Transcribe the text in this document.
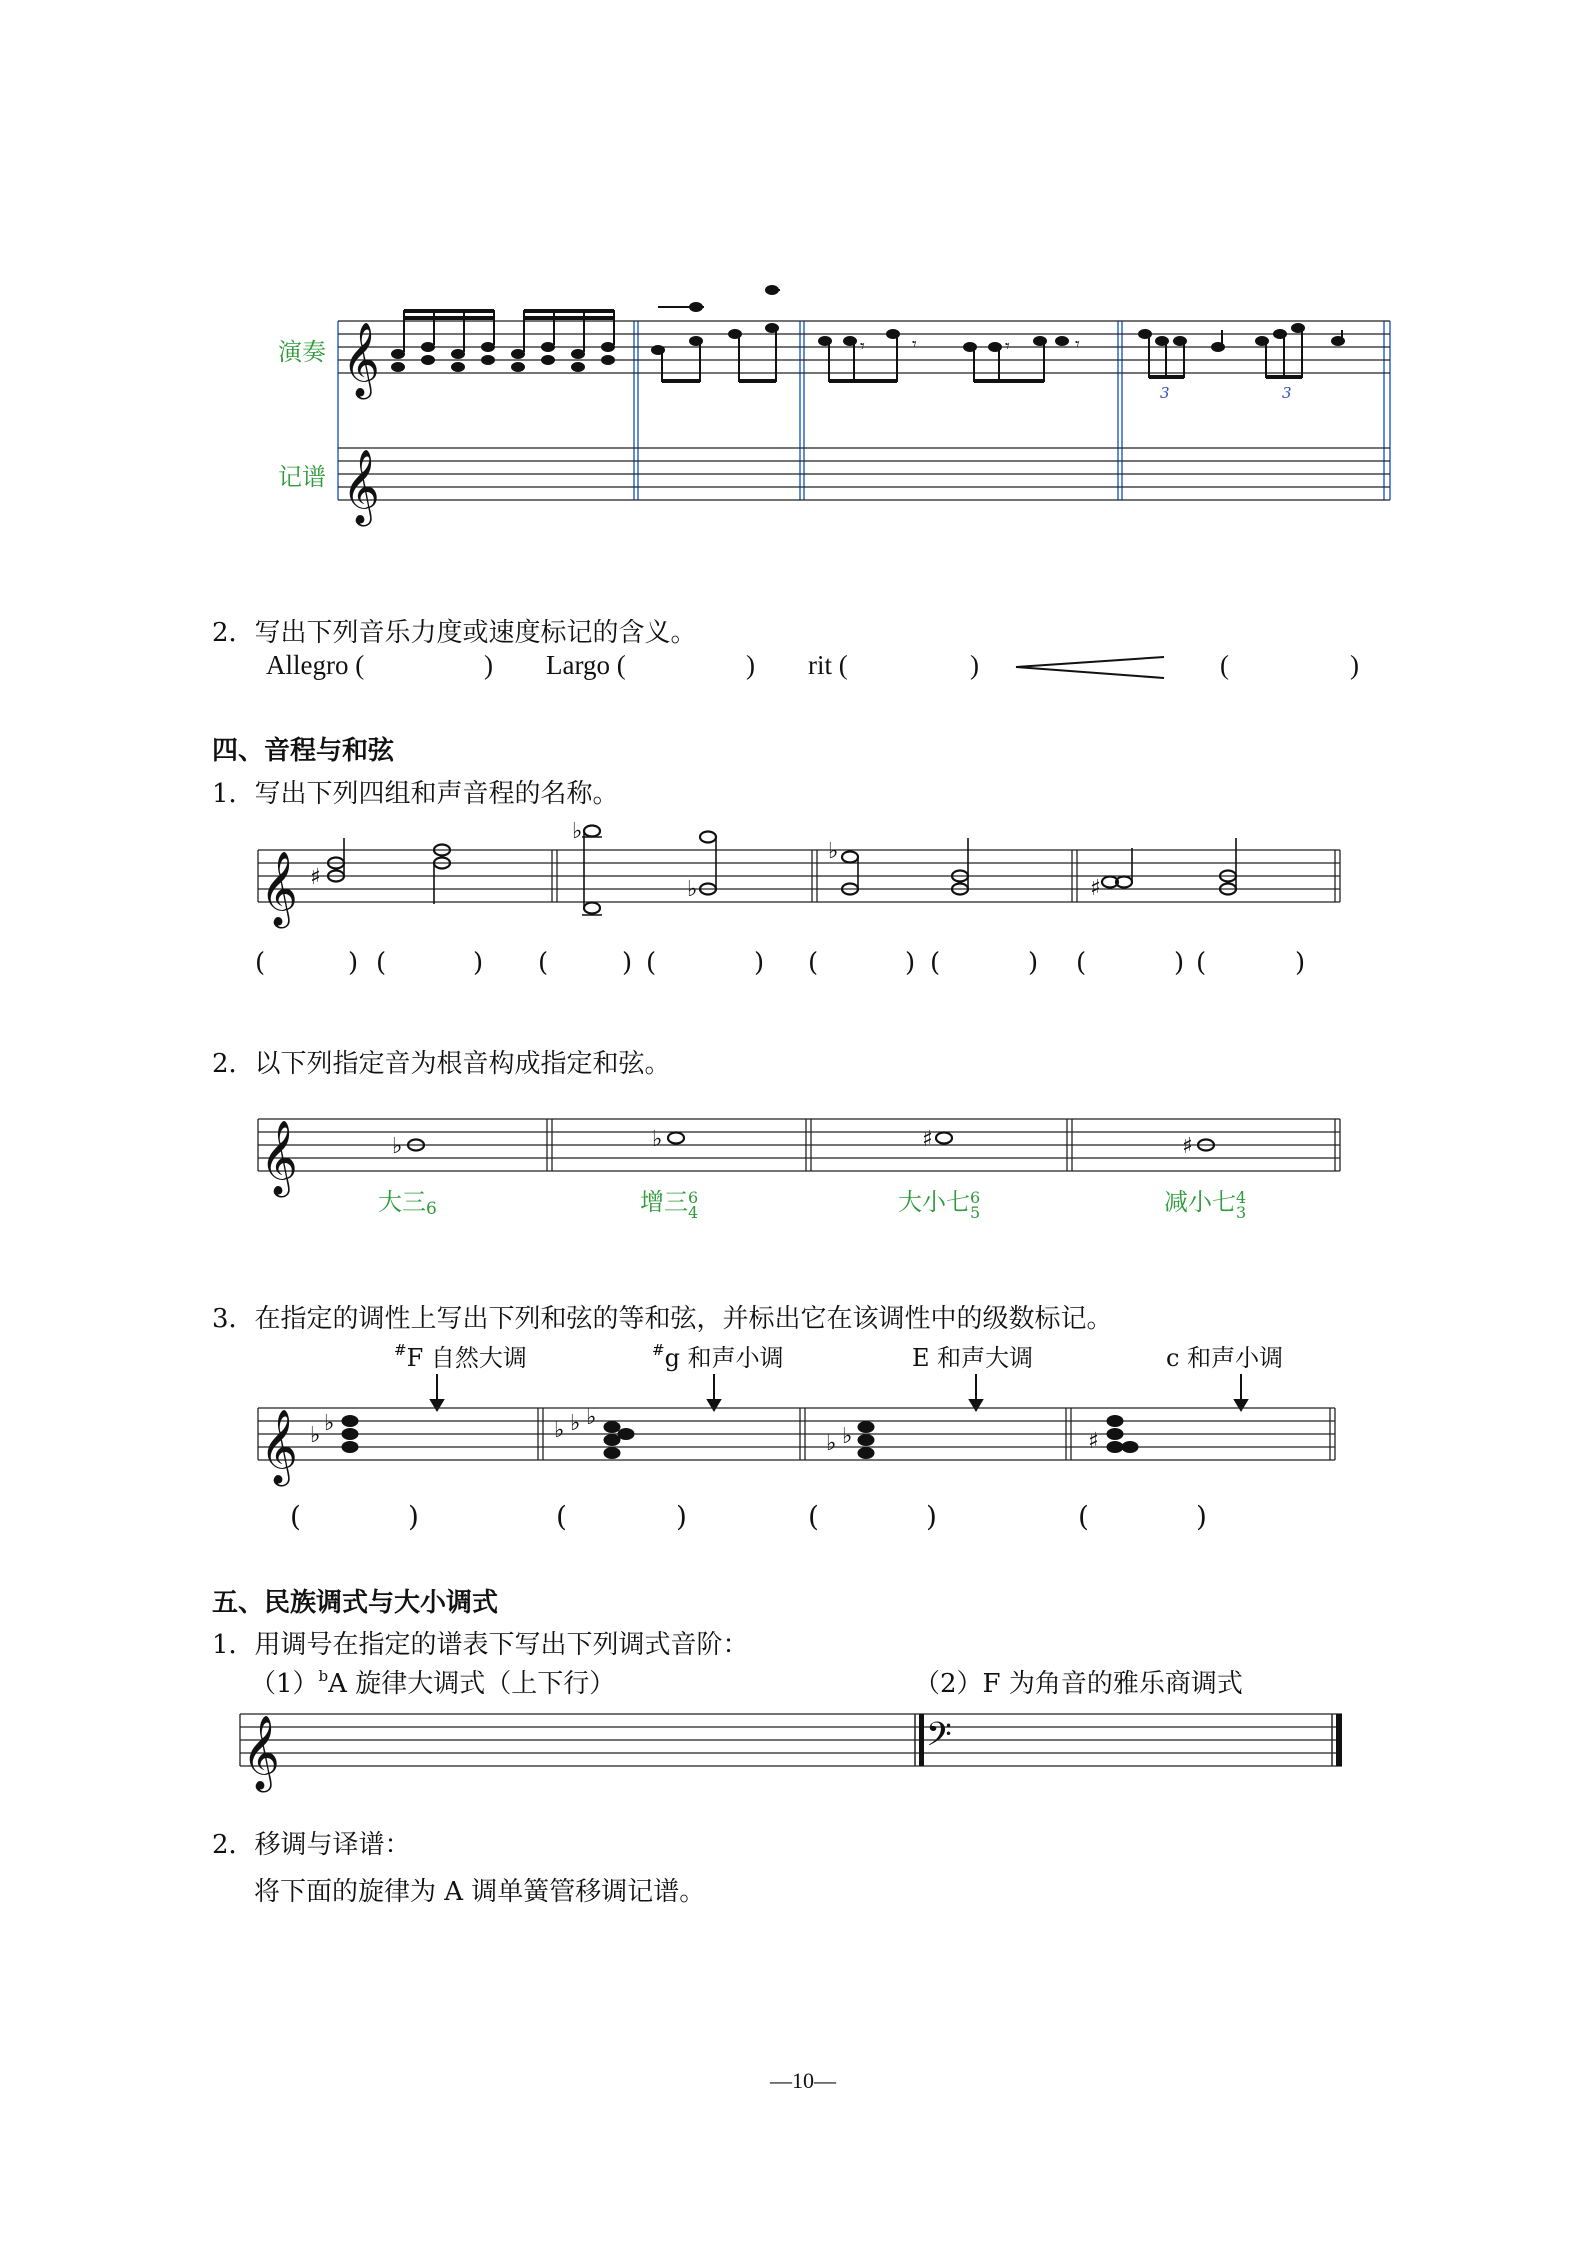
演奏
记谱
𝄞
𝄞
𝄾	𝄾	𝄾	𝄾
3	3
2．写出下列音乐力度或速度标记的含义。
Allegro (	) Largo (	) rit (	)	(	)
四、音程与和弦
1．写出下列四组和声音程的名称。
𝄞 ♯
♭
♭
♭
♯
(	) (	) (	) (	) (	) (	) (	) (	)
2．以下列指定音为根音构成指定和弦。
𝄞	♭	♭	♯	♯
大三6	增三6
4	大小七6
5	减小七4
3
3．在指定的调性上写出下列和弦的等和弦，并标出它在该调性中的级数标记。
#F 自然大调	#g 和声小调	E 和声大调	c 和声小调
𝄞 ♭ ♭	♭ ♭ ♭
♭ ♭	♯
(	)	(	)	(	)	(	)
五、民族调式与大小调式
1．用调号在指定的谱表下写出下列调式音阶：
$(1)^bA$ 旋律大调式（上下行）	（2）F 为角音的雅乐商调式
𝄞	𝄢
2．移调与译谱：
将下面的旋律为 A 调单簧管移调记谱。
—10—
